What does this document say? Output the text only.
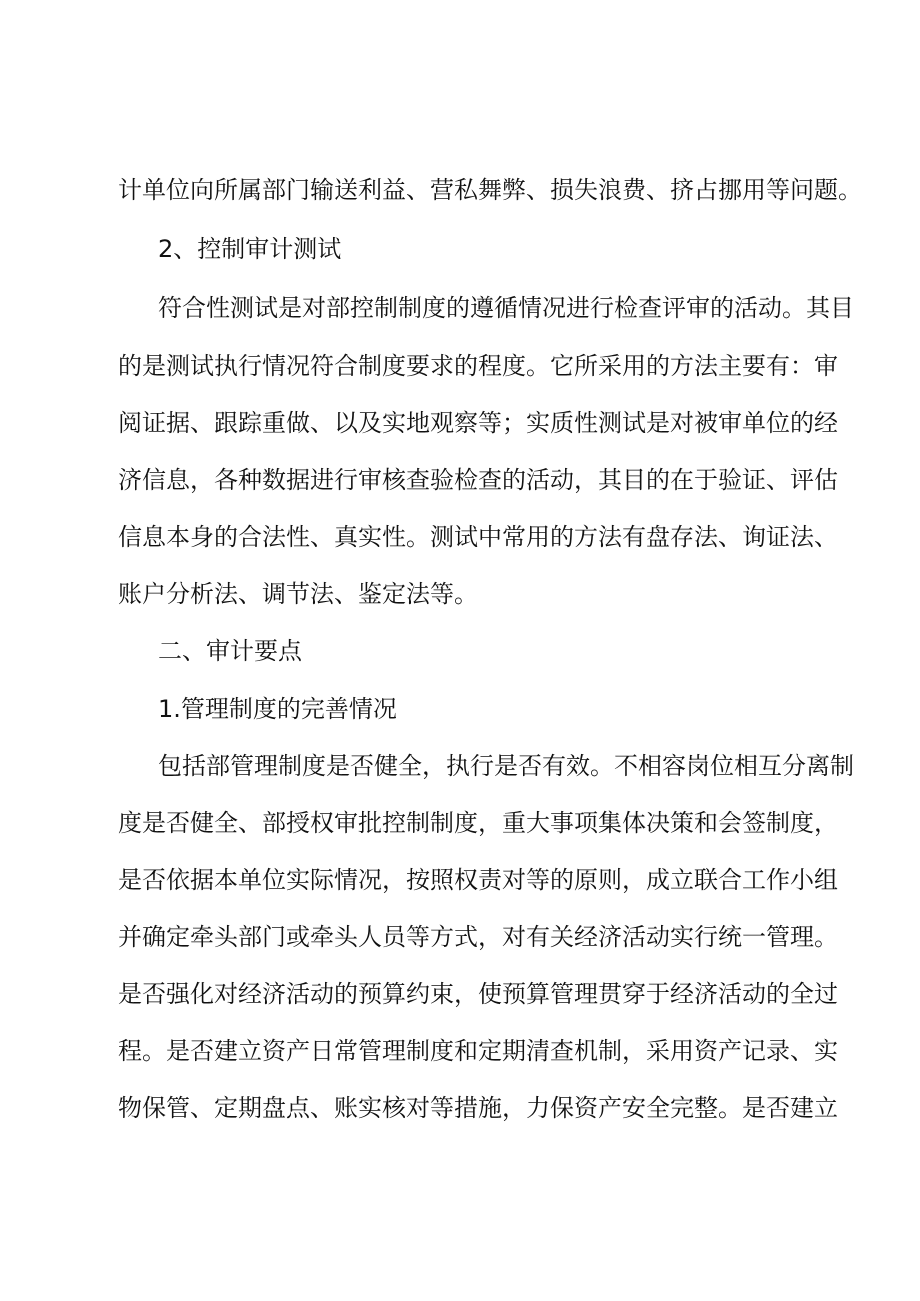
计单位向所属部门输送利益、营私舞弊、损失浪费、挤占挪用等问题。
2、控制审计测试
符合性测试是对部控制制度的遵循情况进行检查评审的活动。其目
的是测试执行情况符合制度要求的程度。它所采用的方法主要有：审
阅证据、跟踪重做、以及实地观察等；实质性测试是对被审单位的经
济信息，各种数据进行审核查验检查的活动，其目的在于验证、评估
信息本身的合法性、真实性。测试中常用的方法有盘存法、询证法、
账户分析法、调节法、鉴定法等。
二、审计要点
1.管理制度的完善情况
包括部管理制度是否健全，执行是否有效。不相容岗位相互分离制
度是否健全、部授权审批控制制度，重大事项集体决策和会签制度，
是否依据本单位实际情况，按照权责对等的原则，成立联合工作小组
并确定牵头部门或牵头人员等方式，对有关经济活动实行统一管理。
是否强化对经济活动的预算约束，使预算管理贯穿于经济活动的全过
程。是否建立资产日常管理制度和定期清查机制，采用资产记录、实
物保管、定期盘点、账实核对等措施，力保资产安全完整。是否建立
